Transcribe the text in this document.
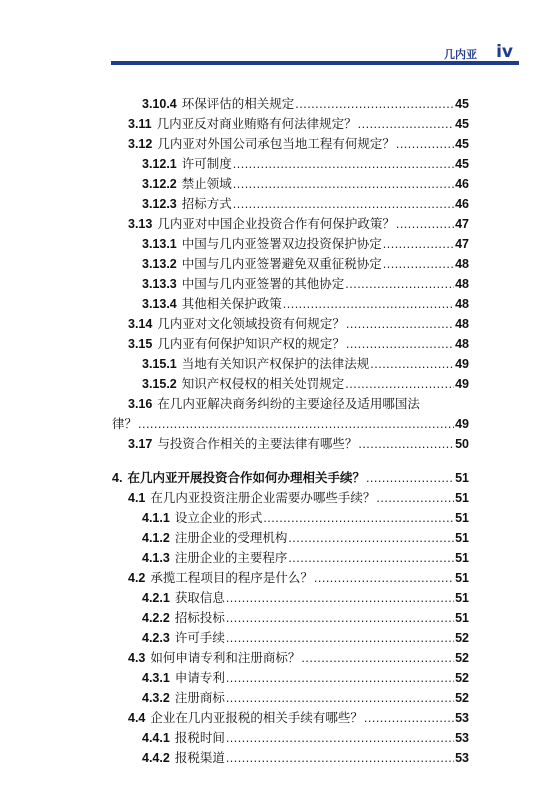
几内亚 iv
3.10.4 环保评估的相关规定 .....	45
3.11 几内亚反对商业贿赂有何法律规定？ .....	45
3.12 几内亚对外国公司承包当地工程有何规定？ .....	45
3.12.1 许可制度 .....	45
3.12.2 禁止领域 .....	46
3.12.3 招标方式 .....	46
3.13 几内亚对中国企业投资合作有何保护政策？ .....	47
3.13.1 中国与几内亚签署双边投资保护协定 .....	47
3.13.2 中国与几内亚签署避免双重征税协定 .....	48
3.13.3 中国与几内亚签署的其他协定 .....	48
3.13.4 其他相关保护政策 .....	48
3.14 几内亚对文化领域投资有何规定？ .....	48
3.15 几内亚有何保护知识产权的规定？ .....	48
3.15.1 当地有关知识产权保护的法律法规 .....	49
3.15.2 知识产权侵权的相关处罚规定 .....	49
3.16 在几内亚解决商务纠纷的主要途径及适用哪国法
律？ .....	49
3.17 与投资合作相关的主要法律有哪些？ .....	50
4. 在几内亚开展投资合作如何办理相关手续？ .....	51
4.1 在几内亚投资注册企业需要办哪些手续？ .....	51
4.1.1 设立企业的形式 .....	51
4.1.2 注册企业的受理机构 .....	51
4.1.3 注册企业的主要程序 .....	51
4.2 承揽工程项目的程序是什么？ .....	51
4.2.1 获取信息 .....	51
4.2.2 招标投标 .....	51
4.2.3 许可手续 .....	52
4.3 如何申请专利和注册商标？ .....	52
4.3.1 申请专利 .....	52
4.3.2 注册商标 .....	52
4.4 企业在几内亚报税的相关手续有哪些？ .....	53
4.4.1 报税时间 .....	53
4.4.2 报税渠道 .....	53
